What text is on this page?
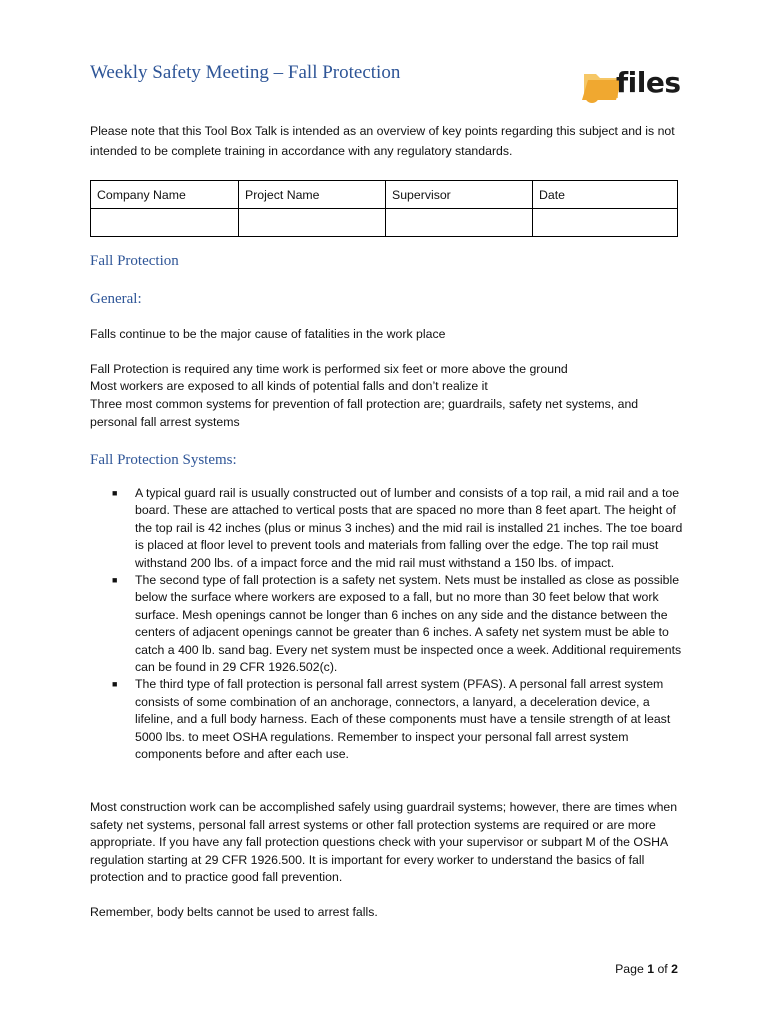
Weekly Safety Meeting – Fall Protection	files
Please note that this Tool Box Talk is intended as an overview of key points regarding this subject and is not intended to be complete training in accordance with any regulatory standards.
Company Name	Project Name	Supervisor	Date

Fall Protection
General:
Falls continue to be the major cause of fatalities in the work place
Fall Protection is required any time work is performed six feet or more above the ground
Most workers are exposed to all kinds of potential falls and don’t realize it
Three most common systems for prevention of fall protection are; guardrails, safety net systems, and personal fall arrest systems
Fall Protection Systems:
■ A typical guard rail is usually constructed out of lumber and consists of a top rail, a mid rail and a toe board. These are attached to vertical posts that are spaced no more than 8 feet apart. The height of the top rail is 42 inches (plus or minus 3 inches) and the mid rail is installed 21 inches. The toe board is placed at floor level to prevent tools and materials from falling over the edge. The top rail must withstand 200 lbs. of a impact force and the mid rail must withstand a 150 lbs. of impact.
■ The second type of fall protection is a safety net system. Nets must be installed as close as possible below the surface where workers are exposed to a fall, but no more than 30 feet below that work surface. Mesh openings cannot be longer than 6 inches on any side and the distance between the centers of adjacent openings cannot be greater than 6 inches. A safety net system must be able to catch a 400 lb. sand bag. Every net system must be inspected once a week. Additional requirements can be found in 29 CFR 1926.502(c).
■ The third type of fall protection is personal fall arrest system (PFAS). A personal fall arrest system consists of some combination of an anchorage, connectors, a lanyard, a deceleration device, a lifeline, and a full body harness. Each of these components must have a tensile strength of at least 5000 lbs. to meet OSHA regulations. Remember to inspect your personal fall arrest system components before and after each use.
Most construction work can be accomplished safely using guardrail systems; however, there are times when safety net systems, personal fall arrest systems or other fall protection systems are required or are more appropriate. If you have any fall protection questions check with your supervisor or subpart M of the OSHA regulation starting at 29 CFR 1926.500. It is important for every worker to understand the basics of fall protection and to practice good fall prevention.
Remember, body belts cannot be used to arrest falls.
Page 1 of 2
